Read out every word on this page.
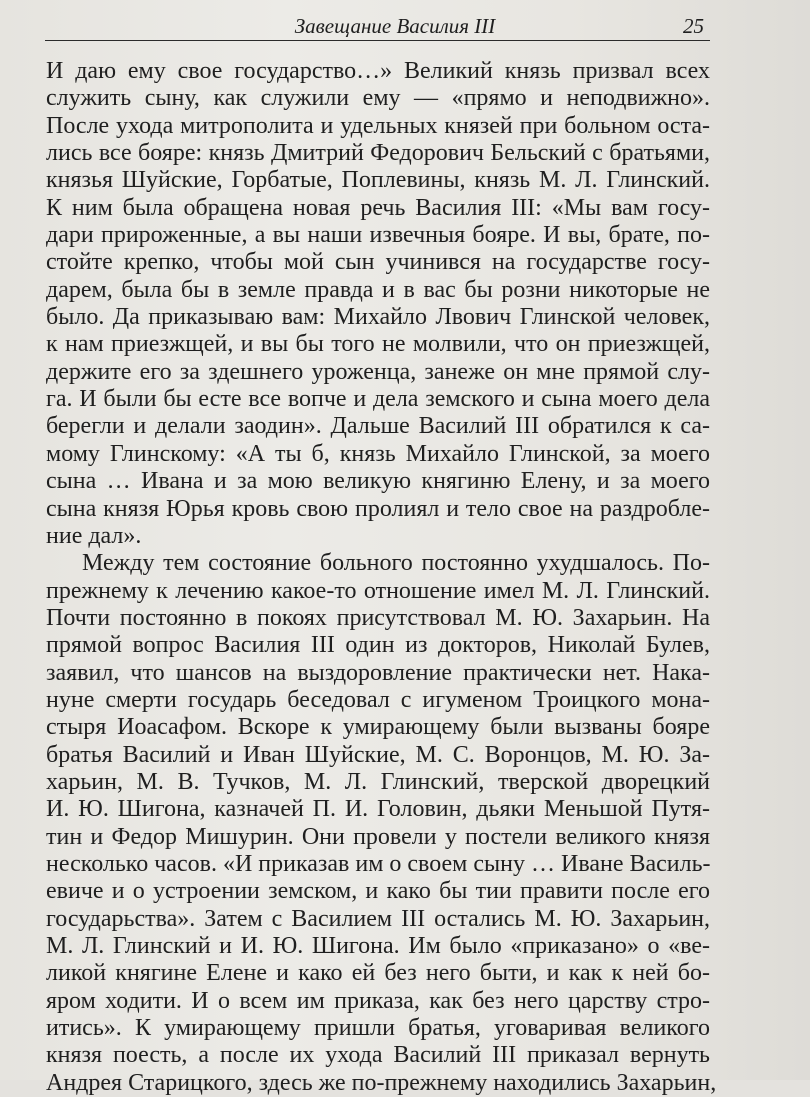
Завещание Василия III	25
И даю ему свое государство…» Великий князь призвал всех
служить сыну, как служили ему — «прямо и неподвижно».
После ухода митрополита и удельных князей при больном оста-
лись все бояре: князь Дмитрий Федорович Бельский с братьями,
князья Шуйские, Горбатые, Поплевины, князь М. Л. Глинский.
К ним была обращена новая речь Василия III: «Мы вам госу-
дари прироженные, а вы наши извечныя бояре. И вы, брате, по-
стойте крепко, чтобы мой сын учинився на государстве госу-
дарем, была бы в земле правда и в вас бы розни никоторые не
было. Да приказываю вам: Михайло Лвович Глинской человек,
к нам приезжщей, и вы бы того не молвили, что он приезжщей,
держите его за здешнего уроженца, занеже он мне прямой слу-
га. И были бы есте все вопче и дела земского и сына моего дела
берегли и делали заодин». Дальше Василий III обратился к са-
мому Глинскому: «А ты б, князь Михайло Глинской, за моего
сына … Ивана и за мою великую княгиню Елену, и за моего
сына князя Юрья кровь свою пролиял и тело свое на раздробле-
ние дал».
Между тем состояние больного постоянно ухудшалось. По-
прежнему к лечению какое-то отношение имел М. Л. Глинский.
Почти постоянно в покоях присутствовал М. Ю. Захарьин. На
прямой вопрос Василия III один из докторов, Николай Булев,
заявил, что шансов на выздоровление практически нет. Нака-
нуне смерти государь беседовал с игуменом Троицкого мона-
стыря Иоасафом. Вскоре к умирающему были вызваны бояре
братья Василий и Иван Шуйские, М. С. Воронцов, М. Ю. За-
харьин, М. В. Тучков, М. Л. Глинский, тверской дворецкий
И. Ю. Шигона, казначей П. И. Головин, дьяки Меньшой Путя-
тин и Федор Мишурин. Они провели у постели великого князя
несколько часов. «И приказав им о своем сыну … Иване Василь-
евиче и о устроении земском, и како бы тии правити после его
государьства». Затем с Василием III остались М. Ю. Захарьин,
М. Л. Глинский и И. Ю. Шигона. Им было «приказано» о «ве-
ликой княгине Елене и како ей без него быти, и как к ней бо-
яром ходити. И о всем им приказа, как без него царству стро-
итись». К умирающему пришли братья, уговаривая великого
князя поесть, а после их ухода Василий III приказал вернуть
Андрея Старицкого, здесь же по-прежнему находились Захарьин,
